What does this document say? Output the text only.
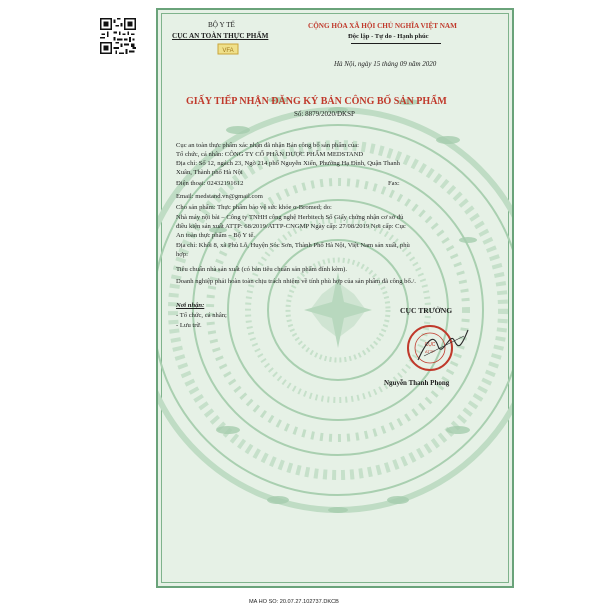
BỘ Y TẾ
CỤC AN TOÀN THỰC PHẨM
VFA
CỘNG HÒA XÃ HỘI CHỦ NGHĨA VIỆT NAM
Độc lập - Tự do - Hạnh phúc
Hà Nội, ngày 15 tháng 09 năm 2020
GIẤY TIẾP NHẬN ĐĂNG KÝ BẢN CÔNG BỐ SẢN PHẨM
Số: 8879/2020/ĐKSP
Cục an toàn thực phẩm xác nhận đã nhận Bản công bố sản phẩm của:
Tổ chức, cá nhân: CÔNG TY CỔ PHẦN DƯỢC PHẨM MEDSTAND
Địa chỉ: Số 12, ngách 23, Ngõ 214 phố Nguyễn Xiển, Phường Hạ Đình, Quận Thanh
Xuân, Thành phố Hà Nội
Điện thoại: 02432191612	Fax:
Email: medstand.vn@gmail.com
Cho sản phẩm: Thực phẩm bảo vệ sức khỏe α-Bromed; do:
Nhà máy nội bài – Công ty TNHH công nghệ Herbitech Số Giấy chứng nhận cơ sở đủ
điều kiện sản xuất ATTP: 68/2019/ATTP-CNGMP Ngày cấp: 27/08/2019 Nơi cấp: Cục
An toàn thực phẩm – Bộ Y tế.
Địa chỉ: Khối 8, xã Phù Lỗ, Huyện Sóc Sơn, Thành Phố Hà Nội, Việt Nam sản xuất, phù
hợp:
Tiêu chuẩn nhà sản xuất (có bản tiêu chuẩn sản phẩm đính kèm).
Doanh nghiệp phải hoàn toàn chịu trách nhiệm về tính phù hợp của sản phẩm đã công bố./.
Nơi nhận:
- Tổ chức, cá nhân;
- Lưu trữ.
CỤC TRƯỞNG
CỤC
ATTP
Nguyễn Thanh Phong
MA HO SO: 20.07.27.102737.DKCB
